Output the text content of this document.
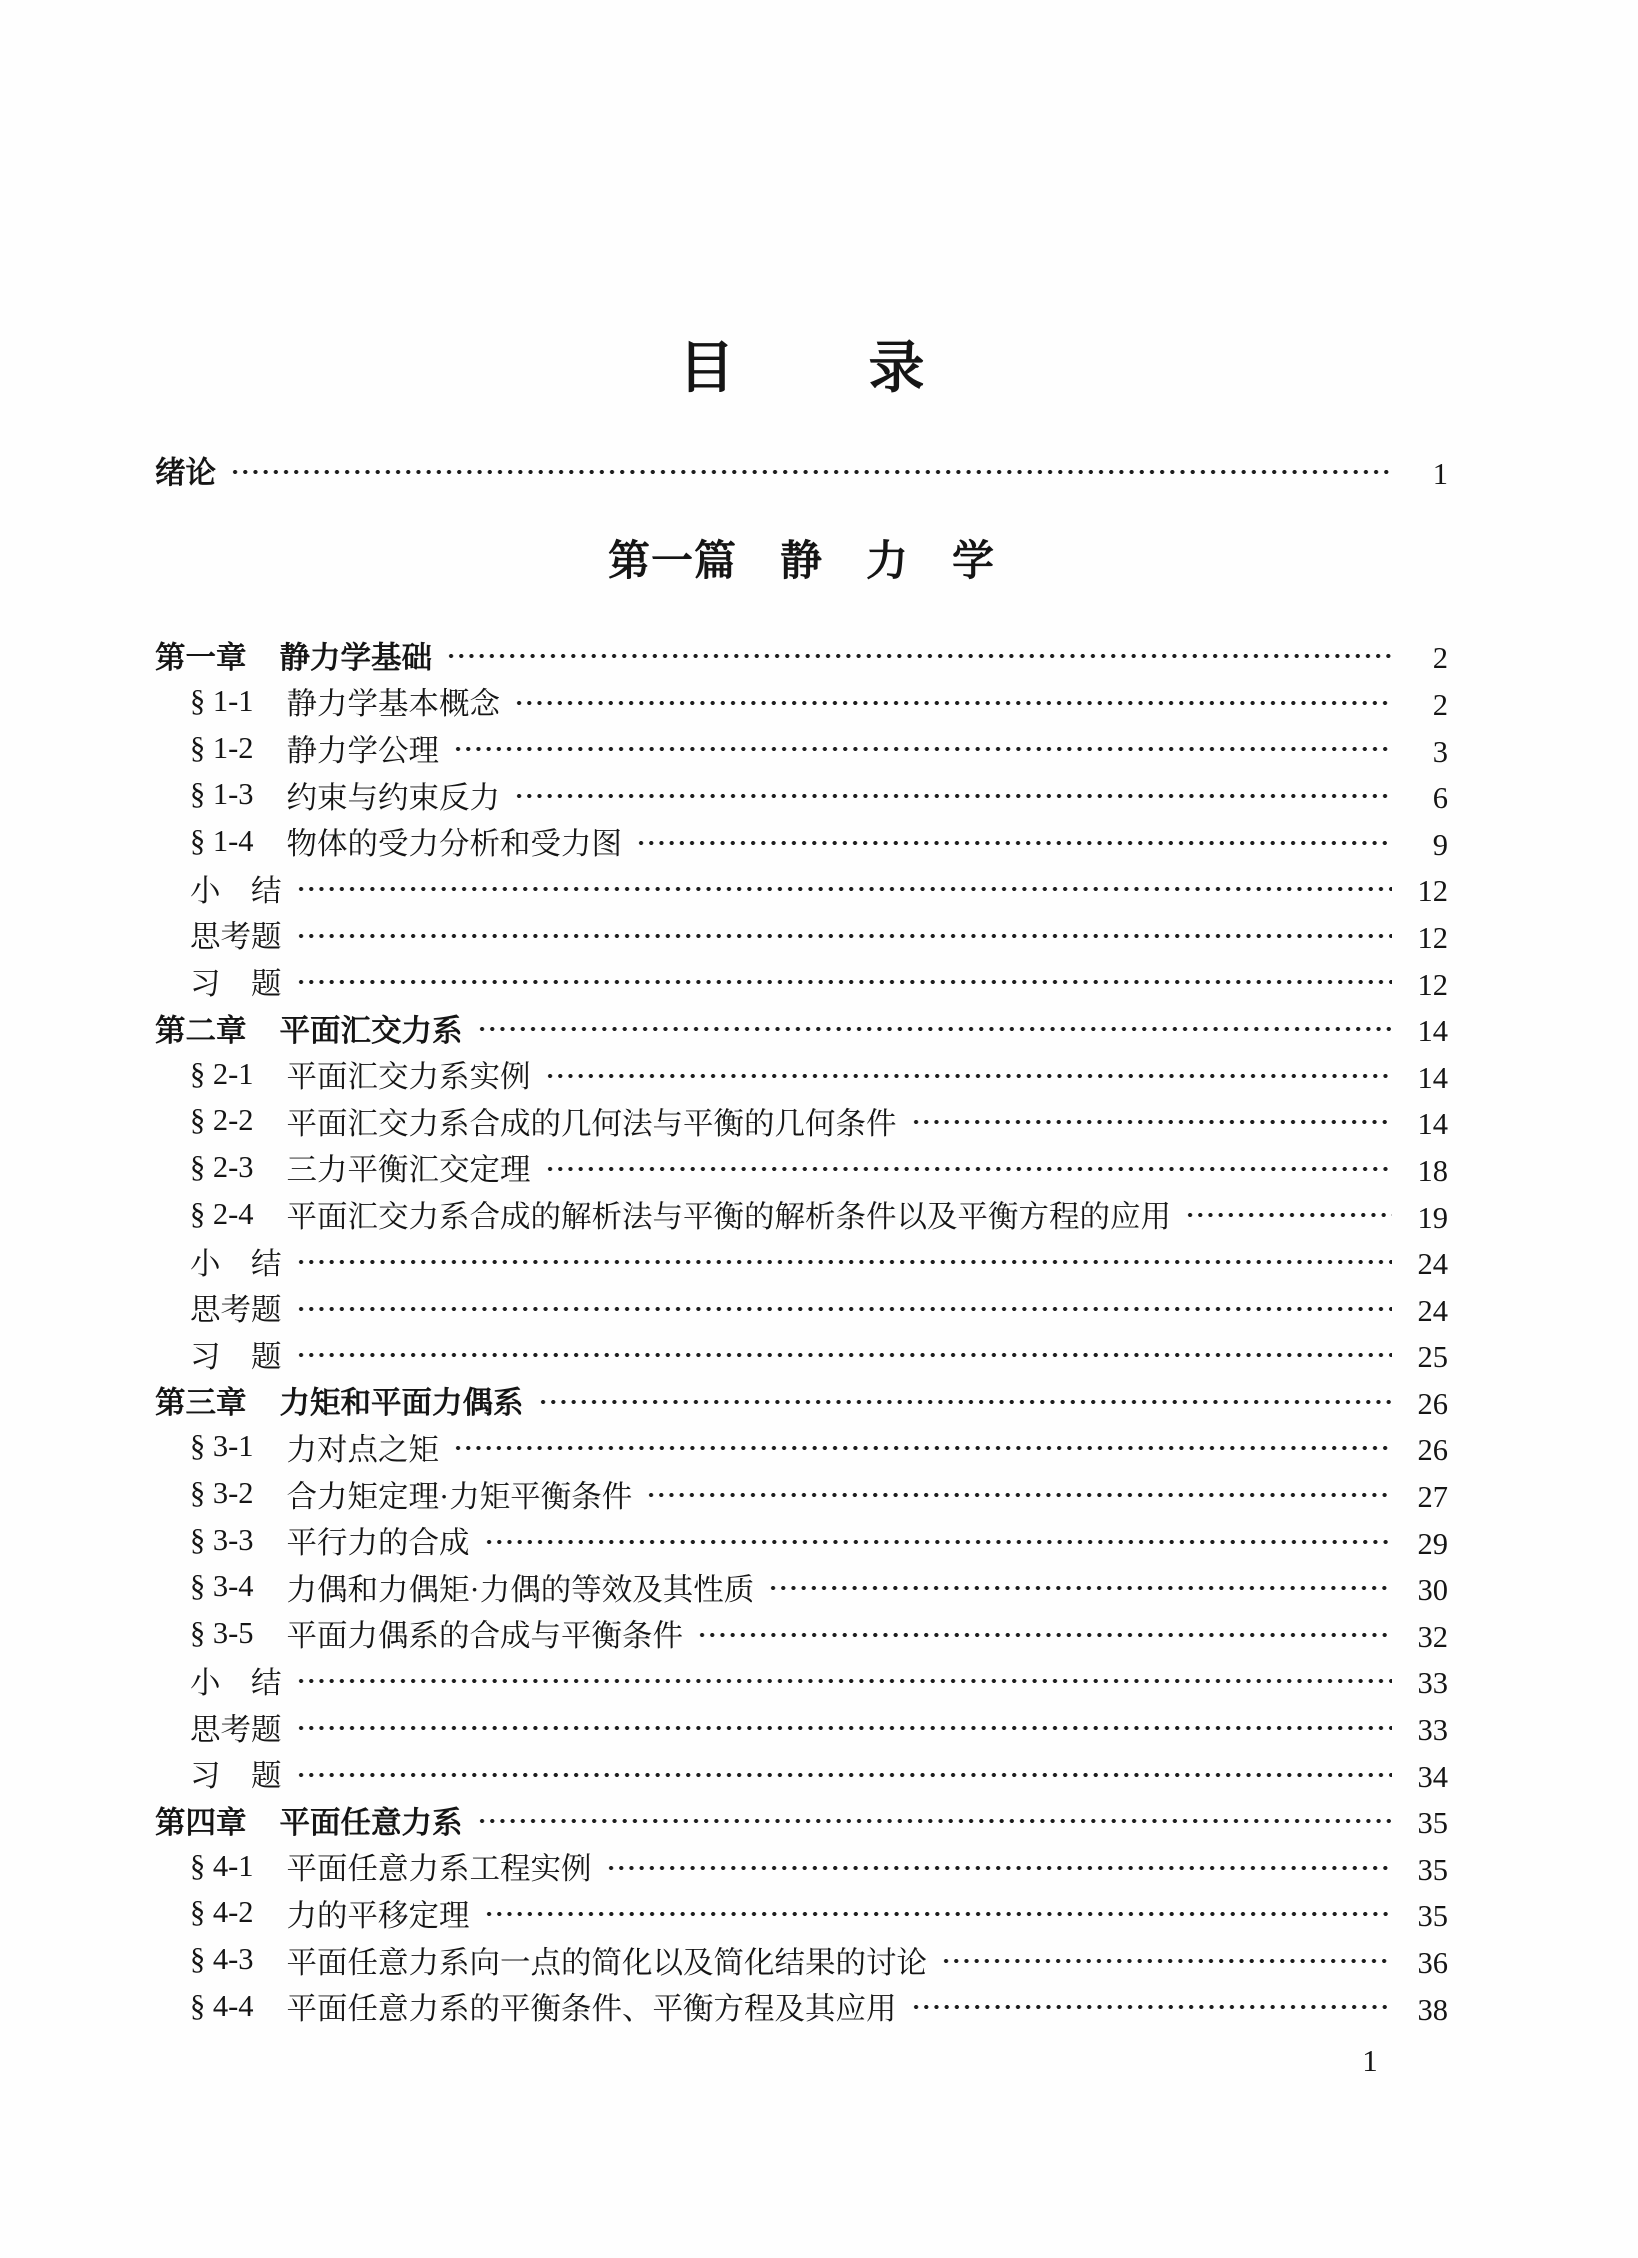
目 录
绪论	1
第一篇　静　力　学
第一章 静力学基础	2
§ 1-1 静力学基本概念	2
§ 1-2 静力学公理	3
§ 1-3 约束与约束反力	6
§ 1-4 物体的受力分析和受力图	9
小　结	12
思考题	12
习　题	12
第二章 平面汇交力系	14
§ 2-1 平面汇交力系实例	14
§ 2-2 平面汇交力系合成的几何法与平衡的几何条件	14
§ 2-3 三力平衡汇交定理	18
§ 2-4 平面汇交力系合成的解析法与平衡的解析条件以及平衡方程的应用	19
小　结	24
思考题	24
习　题	25
第三章 力矩和平面力偶系	26
§ 3-1 力对点之矩	26
§ 3-2 合力矩定理·力矩平衡条件	27
§ 3-3 平行力的合成	29
§ 3-4 力偶和力偶矩·力偶的等效及其性质	30
§ 3-5 平面力偶系的合成与平衡条件	32
小　结	33
思考题	33
习　题	34
第四章 平面任意力系	35
§ 4-1 平面任意力系工程实例	35
§ 4-2 力的平移定理	35
§ 4-3 平面任意力系向一点的简化以及简化结果的讨论	36
§ 4-4 平面任意力系的平衡条件、平衡方程及其应用	38
1
